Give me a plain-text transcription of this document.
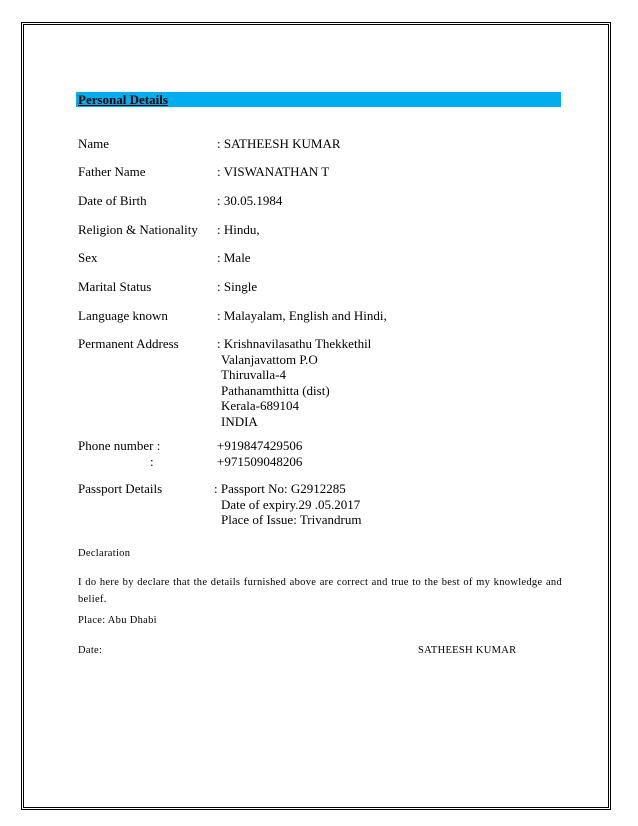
Personal Details
Name	: SATHEESH KUMAR
Father Name	: VISWANATHAN T
Date of Birth	: 30.05.1984
Religion & Nationality : Hindu,
Sex	: Male
Marital Status	: Single
Language known	: Malayalam, English and Hindi,
Permanent Address	: Krishnavilasathu Thekkethil
Valanjavattom P.O
Thiruvalla-4
Pathanamthitta (dist)
Kerala-689104
INDIA
Phone number :	+919847429506
:	+971509048206
Passport Details	: Passport No: G2912285
Date of expiry.29 .05.2017
Place of Issue: Trivandrum
Declaration
I do here by declare that the details furnished above are correct and true to the best of my knowledge and belief.
Place: Abu Dhabi
Date:	SATHEESH KUMAR
